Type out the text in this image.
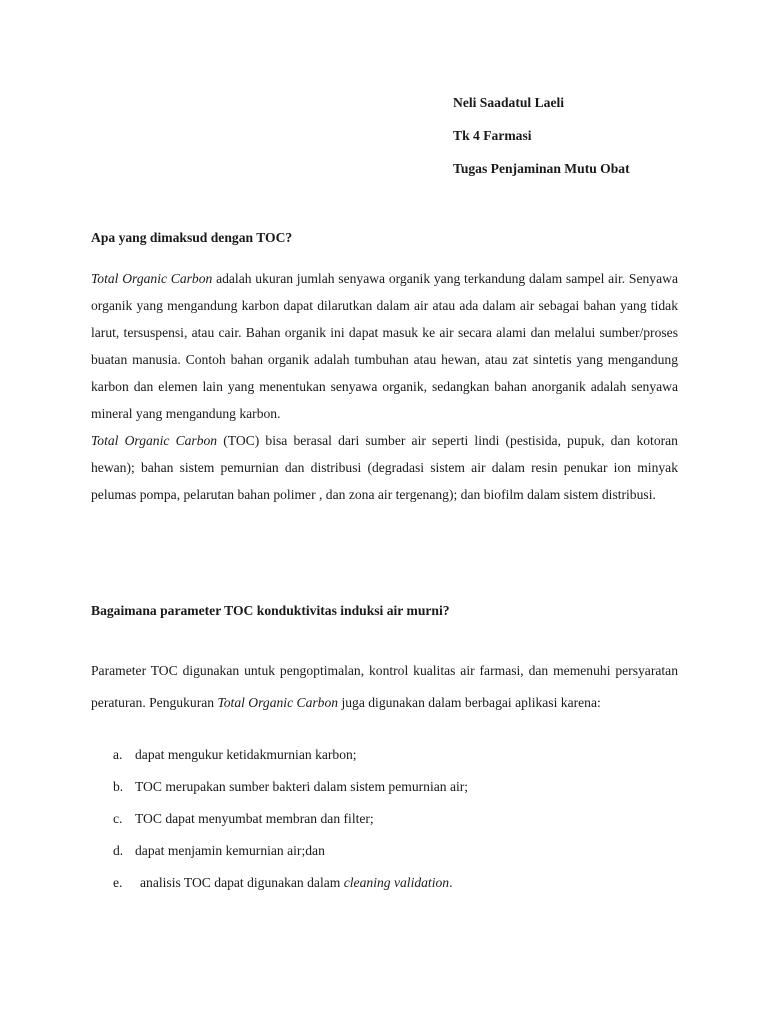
Neli Saadatul Laeli
Tk 4 Farmasi
Tugas Penjaminan Mutu Obat
Apa yang dimaksud dengan TOC?

Total Organic Carbon adalah ukuran jumlah senyawa organik yang terkandung dalam sampel air. Senyawa organik yang mengandung karbon dapat dilarutkan dalam air atau ada dalam air sebagai bahan yang tidak larut, tersuspensi, atau cair. Bahan organik ini dapat masuk ke air secara alami dan melalui sumber/proses buatan manusia. Contoh bahan organik adalah tumbuhan atau hewan, atau zat sintetis yang mengandung karbon dan elemen lain yang menentukan senyawa organik, sedangkan bahan anorganik adalah senyawa mineral yang mengandung karbon.

Total Organic Carbon (TOC) bisa berasal dari sumber air seperti lindi (pestisida, pupuk, dan kotoran hewan); bahan sistem pemurnian dan distribusi (degradasi sistem air dalam resin penukar ion minyak pelumas pompa, pelarutan bahan polimer , dan zona air tergenang); dan biofilm dalam sistem distribusi.

Bagaimana parameter TOC konduktivitas induksi air murni?

Parameter TOC digunakan untuk pengoptimalan, kontrol kualitas air farmasi, dan memenuhi persyaratan peraturan. Pengukuran Total Organic Carbon juga digunakan dalam berbagai aplikasi karena:

a. dapat mengukur ketidakmurnian karbon;
b. TOC merupakan sumber bakteri dalam sistem pemurnian air;
c. TOC dapat menyumbat membran dan filter;
d. dapat menjamin kemurnian air;dan
e. analisis TOC dapat digunakan dalam cleaning validation.
